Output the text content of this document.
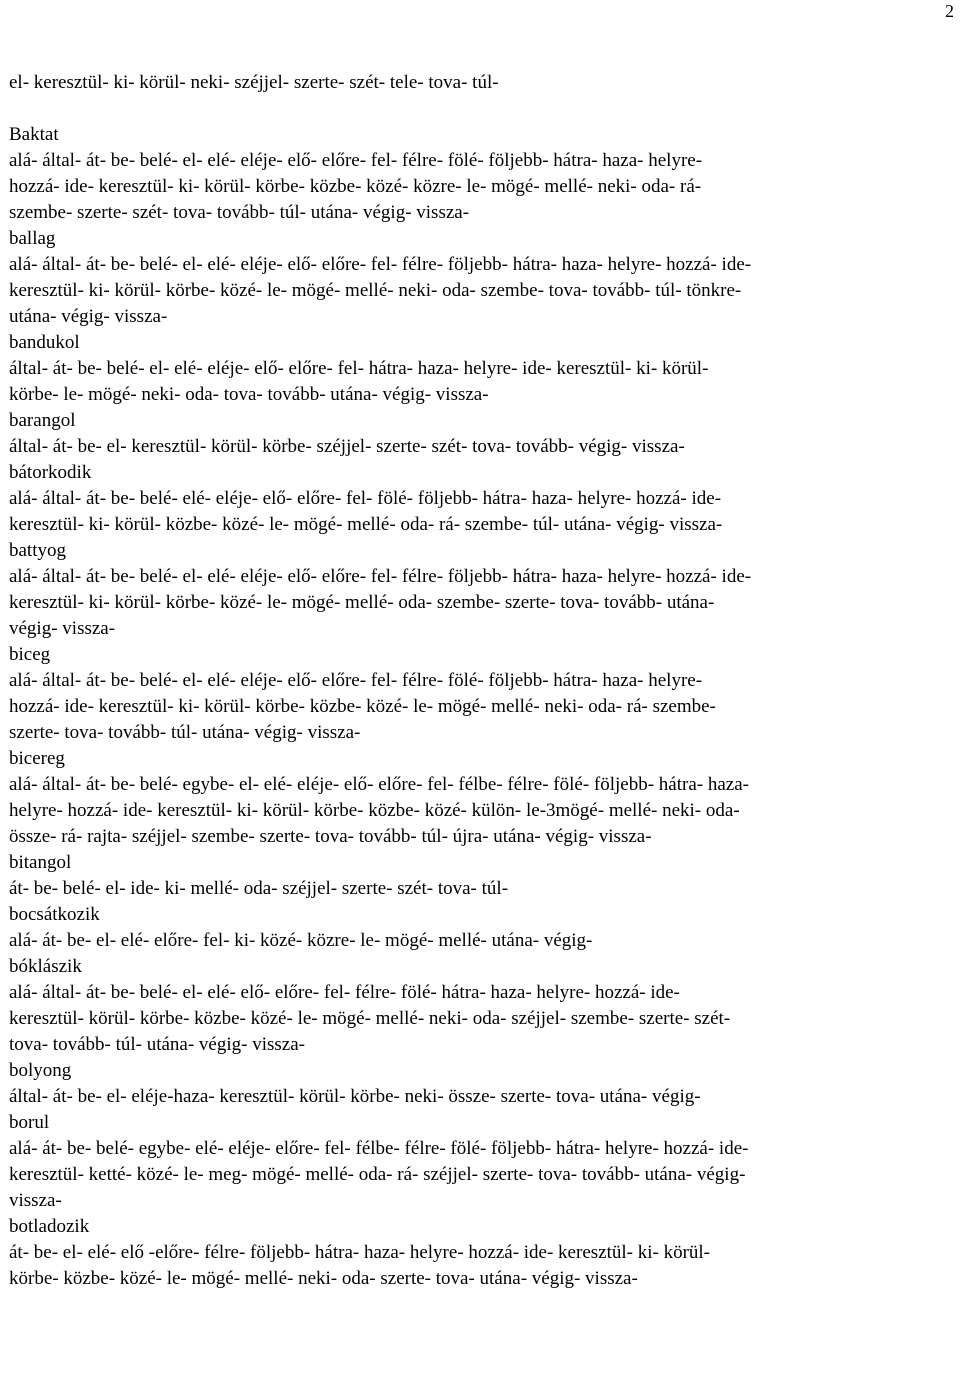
2
el- keresztül- ki- körül- neki- széjjel- szerte- szét- tele- tova- túl-
Baktat
alá- által- át- be- belé- el- elé- eléje- elő- előre- fel- félre- fölé- följebb- hátra- haza- helyre-
hozzá- ide- keresztül- ki- körül- körbe- közbe- közé- közre- le- mögé- mellé- neki- oda- rá-
szembe- szerte- szét- tova- tovább- túl- utána- végig- vissza-
ballag
alá- által- át- be- belé- el- elé- eléje- elő- előre- fel- félre- följebb- hátra- haza- helyre- hozzá- ide-
keresztül- ki- körül- körbe- közé- le- mögé- mellé- neki- oda- szembe- tova- tovább- túl- tönkre-
utána- végig- vissza-
bandukol
által- át- be- belé- el- elé- eléje- elő- előre- fel- hátra- haza- helyre- ide- keresztül- ki- körül-
körbe- le- mögé- neki- oda- tova- tovább- utána- végig- vissza-
barangol
által- át- be- el- keresztül- körül- körbe- széjjel- szerte- szét- tova- tovább- végig- vissza-
bátorkodik
alá- által- át- be- belé- elé- eléje- elő- előre- fel- fölé- följebb- hátra- haza- helyre- hozzá- ide-
keresztül- ki- körül- közbe- közé- le- mögé- mellé- oda- rá- szembe- túl- utána- végig- vissza-
battyog
alá- által- át- be- belé- el- elé- eléje- elő- előre- fel- félre- följebb- hátra- haza- helyre- hozzá- ide-
keresztül- ki- körül- körbe- közé- le- mögé- mellé- oda- szembe- szerte- tova- tovább- utána-
végig- vissza-
biceg
alá- által- át- be- belé- el- elé- eléje- elő- előre- fel- félre- fölé- följebb- hátra- haza- helyre-
hozzá- ide- keresztül- ki- körül- körbe- közbe- közé- le- mögé- mellé- neki- oda- rá- szembe-
szerte- tova- tovább- túl- utána- végig- vissza-
bicereg
alá- által- át- be- belé- egybe- el- elé- eléje- elő- előre- fel- félbe- félre- fölé- följebb- hátra- haza-
helyre- hozzá- ide- keresztül- ki- körül- körbe- közbe- közé- külön- le-3mögé- mellé- neki- oda-
össze- rá- rajta- széjjel- szembe- szerte- tova- tovább- túl- újra- utána- végig- vissza-
bitangol
át- be- belé- el- ide- ki- mellé- oda- széjjel- szerte- szét- tova- túl-
bocsátkozik
alá- át- be- el- elé- előre- fel- ki- közé- közre- le- mögé- mellé- utána- végig-
bóklászik
alá- által- át- be- belé- el- elé- elő- előre- fel- félre- fölé- hátra- haza- helyre- hozzá- ide-
keresztül- körül- körbe- közbe- közé- le- mögé- mellé- neki- oda- széjjel- szembe- szerte- szét-
tova- tovább- túl- utána- végig- vissza-
bolyong
által- át- be- el- eléje-haza- keresztül- körül- körbe- neki- össze- szerte- tova- utána- végig-
borul
alá- át- be- belé- egybe- elé- eléje- előre- fel- félbe- félre- fölé- följebb- hátra- helyre- hozzá- ide-
keresztül- ketté- közé- le- meg- mögé- mellé- oda- rá- széjjel- szerte- tova- tovább- utána- végig-
vissza-
botladozik
át- be- el- elé- elő -előre- félre- följebb- hátra- haza- helyre- hozzá- ide- keresztül- ki- körül-
körbe- közbe- közé- le- mögé- mellé- neki- oda- szerte- tova- utána- végig- vissza-
